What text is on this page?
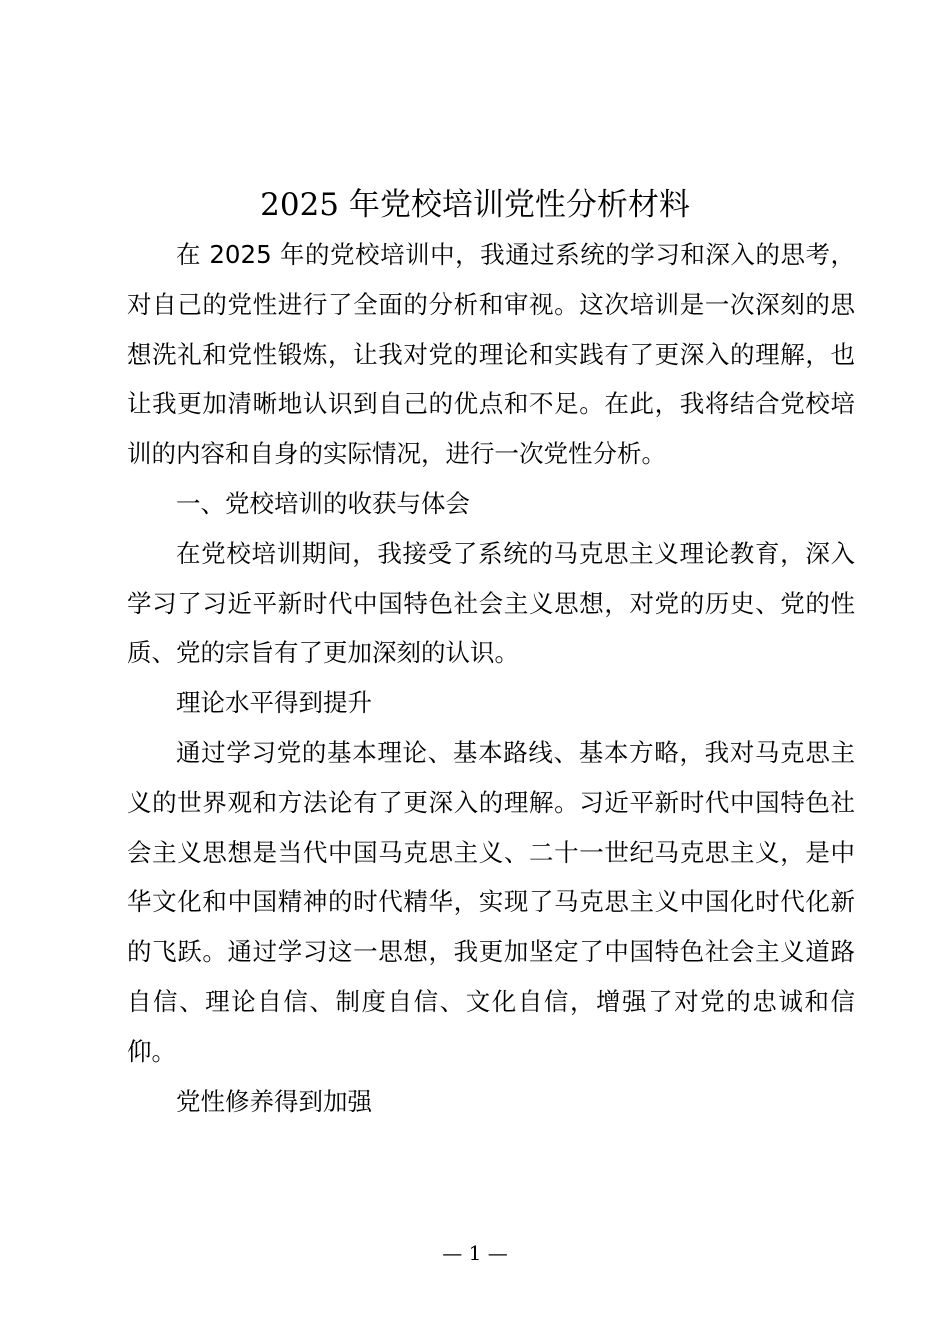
2025 年党校培训党性分析材料

在 2025 年的党校培训中，我通过系统的学习和深入的思考，对自己的党性进行了全面的分析和审视。这次培训是一次深刻的思想洗礼和党性锻炼，让我对党的理论和实践有了更深入的理解，也让我更加清晰地认识到自己的优点和不足。在此，我将结合党校培训的内容和自身的实际情况，进行一次党性分析。

一、党校培训的收获与体会

在党校培训期间，我接受了系统的马克思主义理论教育，深入学习了习近平新时代中国特色社会主义思想，对党的历史、党的性质、党的宗旨有了更加深刻的认识。

理论水平得到提升

通过学习党的基本理论、基本路线、基本方略，我对马克思主义的世界观和方法论有了更深入的理解。习近平新时代中国特色社会主义思想是当代中国马克思主义、二十一世纪马克思主义，是中华文化和中国精神的时代精华，实现了马克思主义中国化时代化新的飞跃。通过学习这一思想，我更加坚定了中国特色社会主义道路自信、理论自信、制度自信、文化自信，增强了对党的忠诚和信仰。

党性修养得到加强

— 1 —
